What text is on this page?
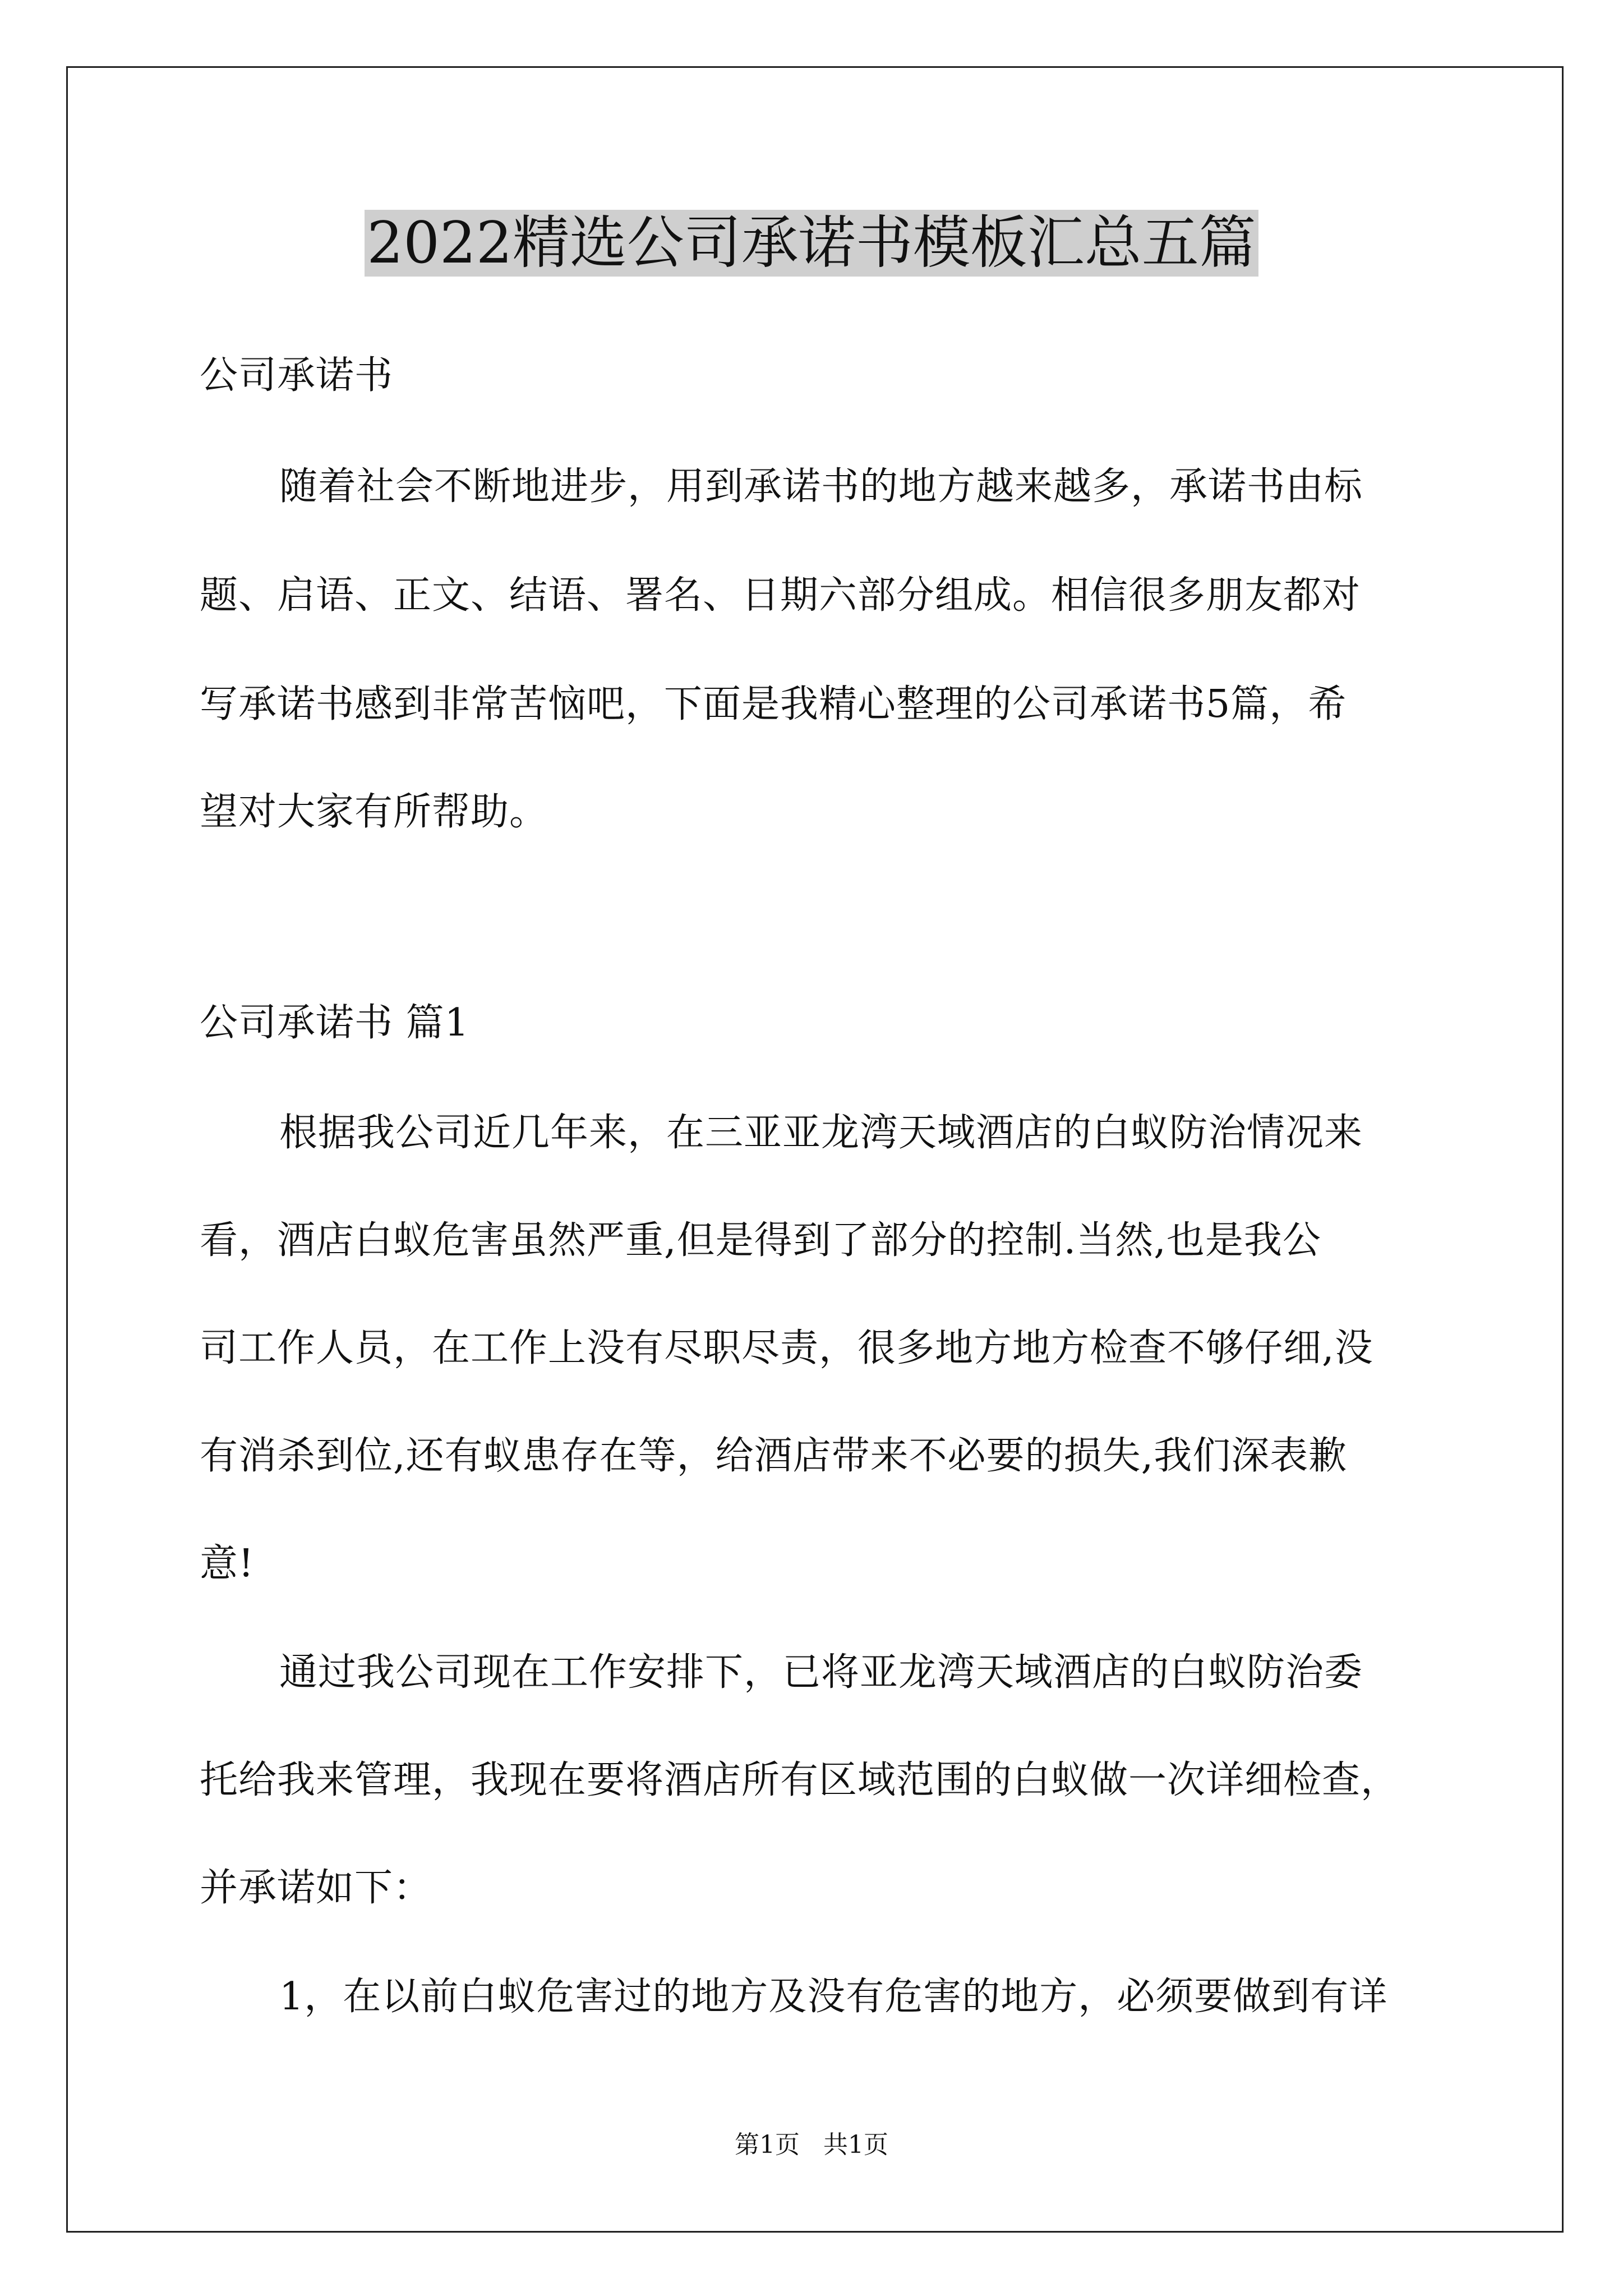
2022精选公司承诺书模板汇总五篇
公司承诺书
随着社会不断地进步，用到承诺书的地方越来越多，承诺书由标
题、启语、正文、结语、署名、日期六部分组成。相信很多朋友都对
写承诺书感到非常苦恼吧，下面是我精心整理的公司承诺书5篇，希
望对大家有所帮助。
公司承诺书 篇1
根据我公司近几年来，在三亚亚龙湾天域酒店的白蚁防治情况来
看，酒店白蚁危害虽然严重,但是得到了部分的控制.当然,也是我公
司工作人员，在工作上没有尽职尽责，很多地方地方检查不够仔细,没
有消杀到位,还有蚁患存在等，给酒店带来不必要的损失,我们深表歉
意!
通过我公司现在工作安排下，已将亚龙湾天域酒店的白蚁防治委
托给我来管理，我现在要将酒店所有区域范围的白蚁做一次详细检查，
并承诺如下：
1，在以前白蚁危害过的地方及没有危害的地方，必须要做到有详
第1页   共1页
